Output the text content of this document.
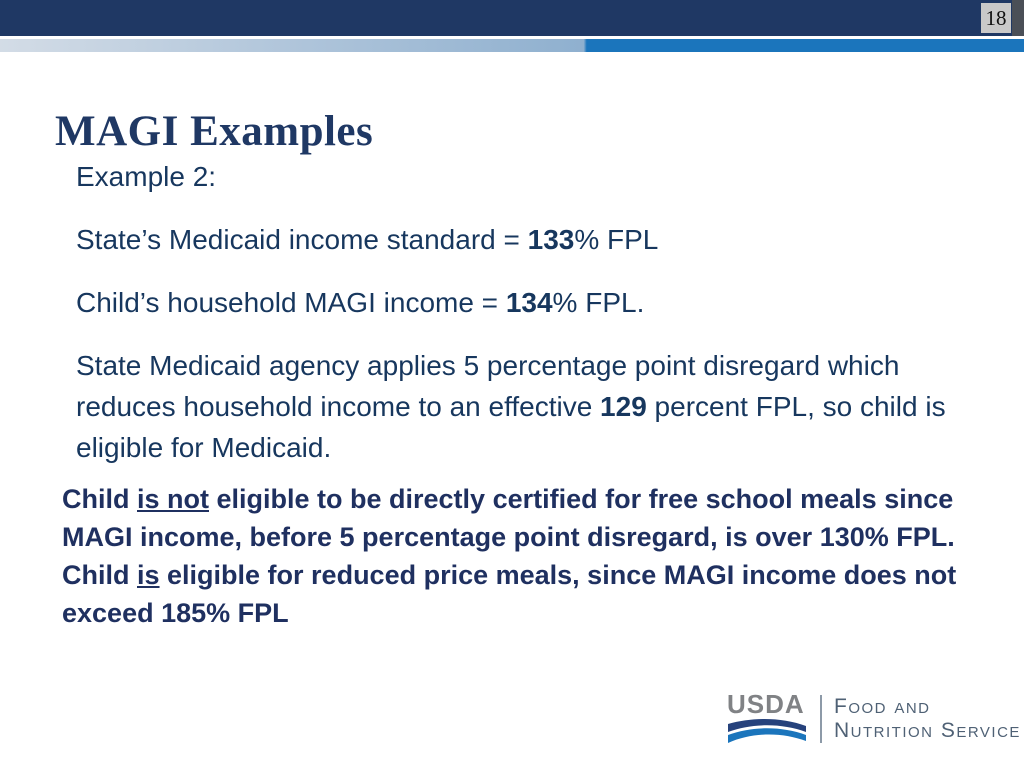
18
MAGI Examples

Example 2:

State’s Medicaid income standard = 133% FPL

Child’s household MAGI income = 134% FPL.

State Medicaid agency applies 5 percentage point disregard which reduces household income to an effective 129 percent FPL, so child is eligible for Medicaid.

Child is not eligible to be directly certified for free school meals since MAGI income, before 5 percentage point disregard, is over 130% FPL. Child is eligible for reduced price meals, since MAGI income does not exceed 185% FPL
USDA Food and
Nutrition Service
